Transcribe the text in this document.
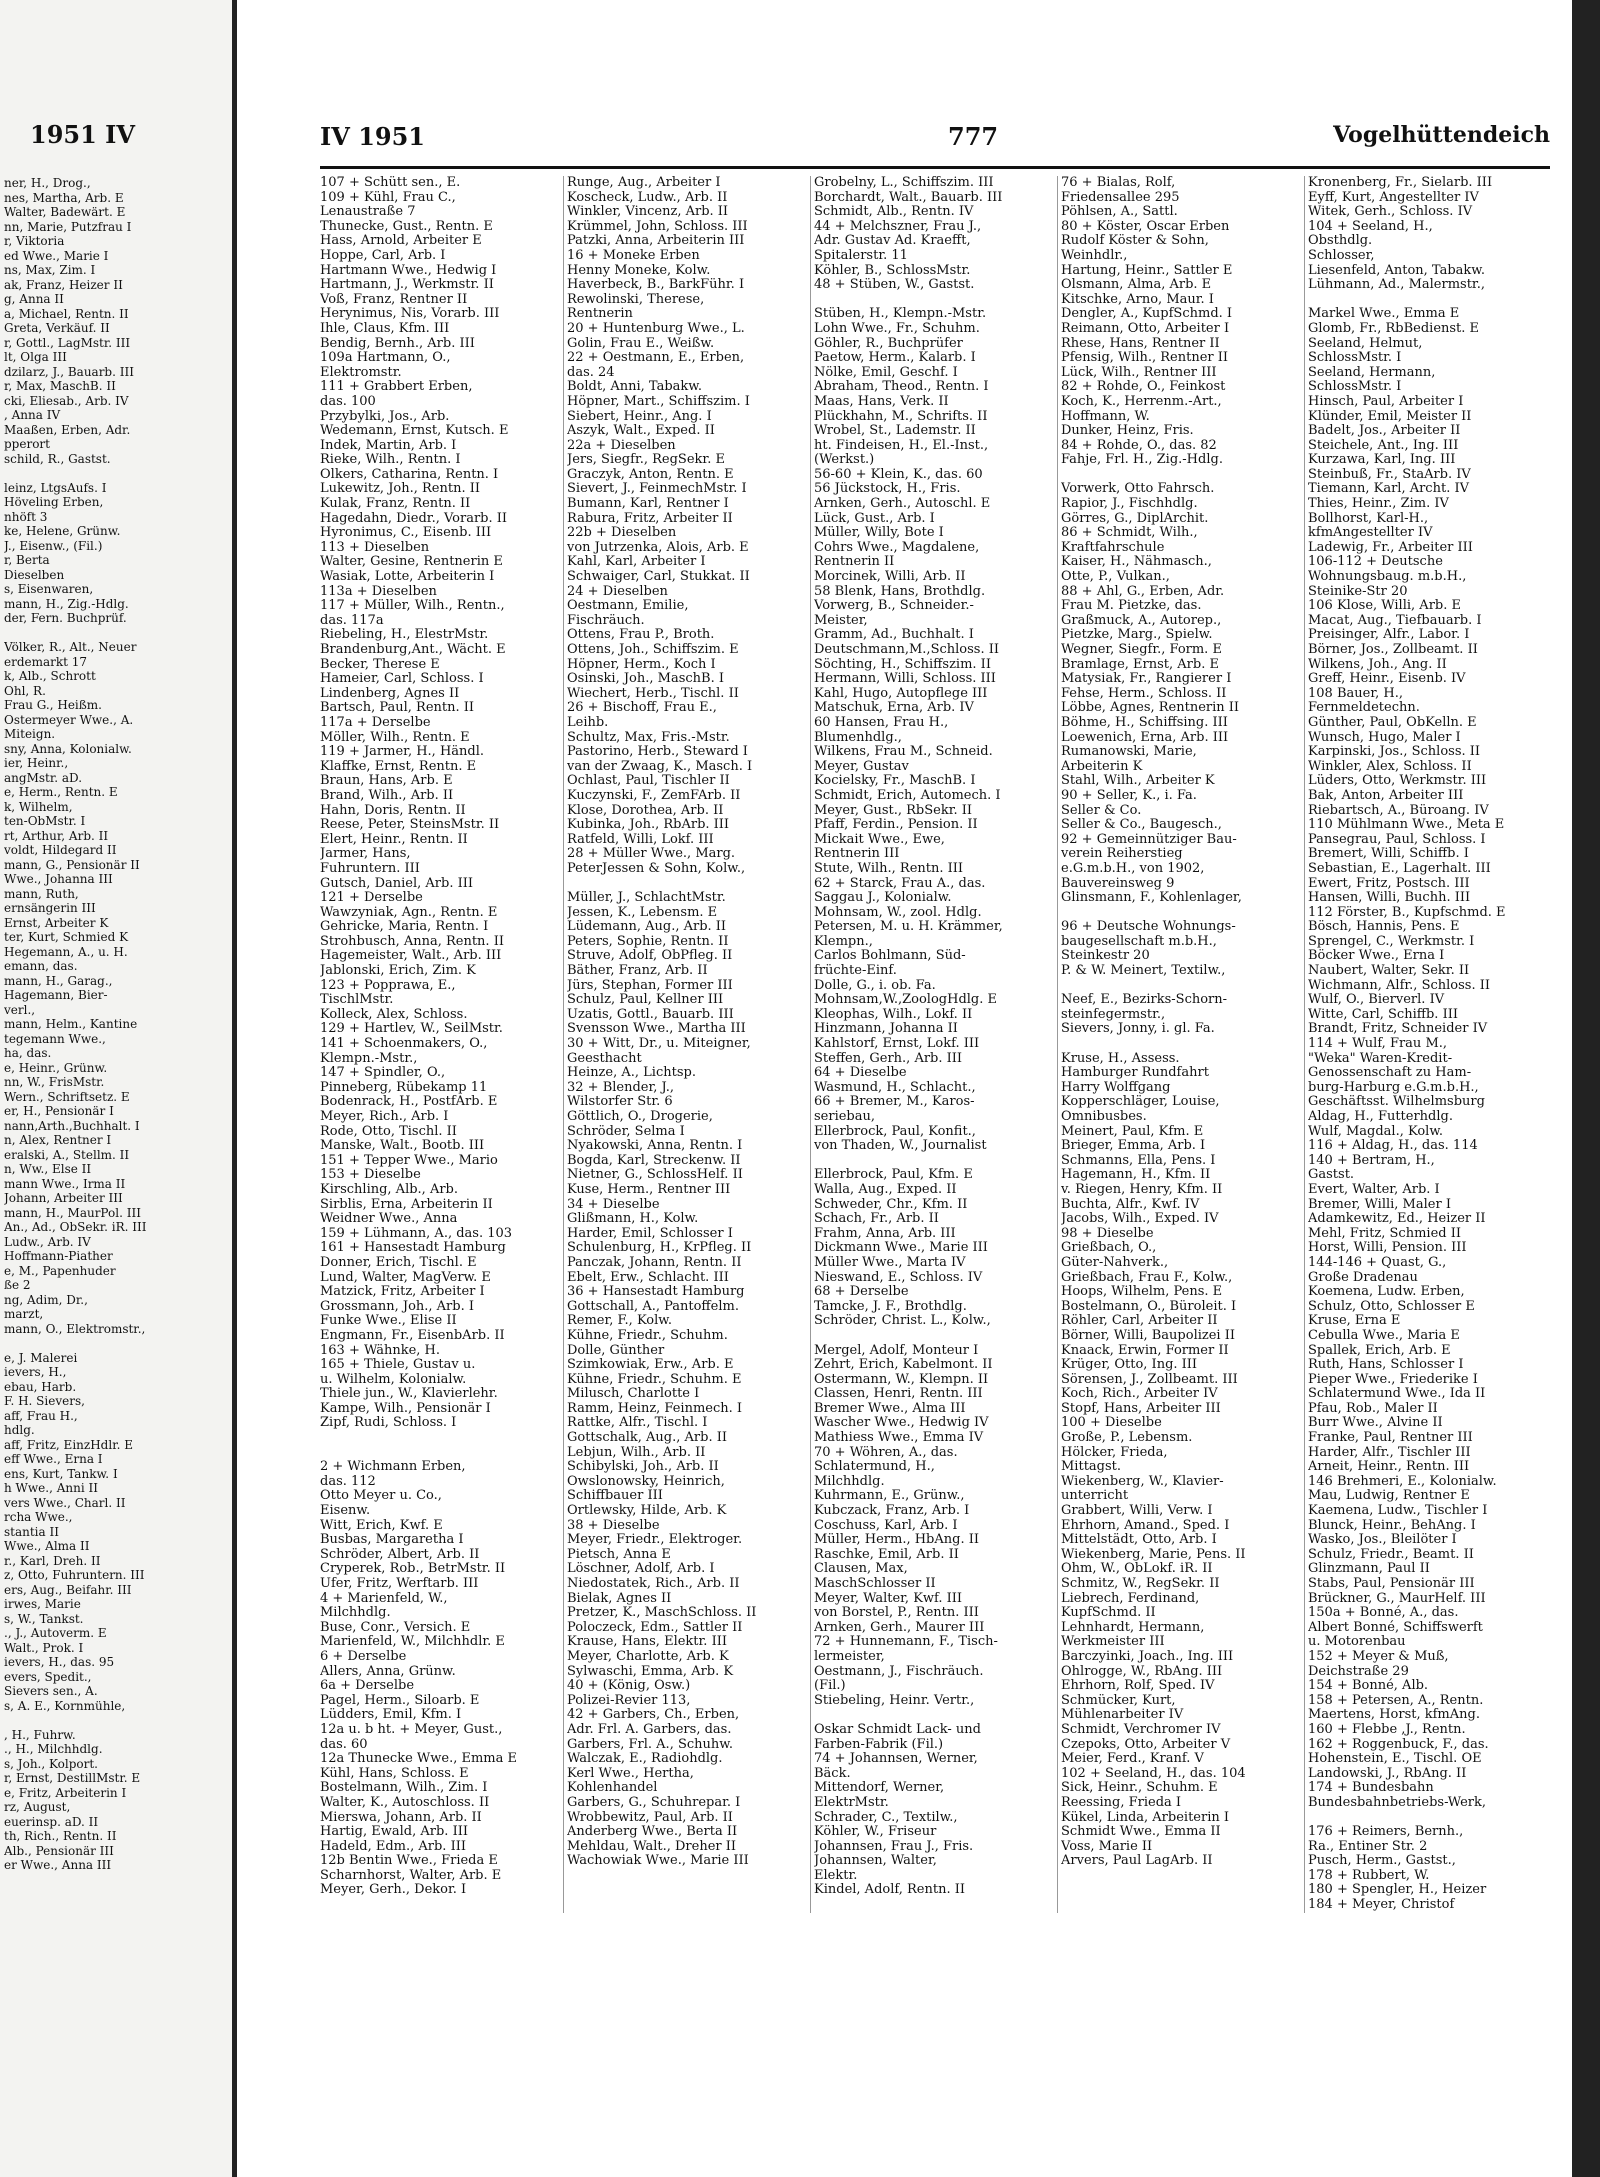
1951 IV
ner, H., Drog.,
nes, Martha, Arb. E
Walter, Badewärt. E
nn, Marie, Putzfrau I
r, Viktoria
ed Wwe., Marie I
ns, Max, Zim. I
ak, Franz, Heizer II
g, Anna II
a, Michael, Rentn. II
Greta, Verkäuf. II
r, Gottl., LagMstr. III
lt, Olga III
dzilarz, J., Bauarb. III
r, Max, MaschB. II
cki, Eliesab., Arb. IV
, Anna IV
Maaßen, Erben, Adr.
pperort
schild, R., Gastst.
leinz, LtgsAufs. I
Höveling Erben,
nhöft 3
ke, Helene, Grünw.
J., Eisenw., (Fil.)
r, Berta
Dieselben
s, Eisenwaren,
mann, H., Zig.-Hdlg.
der, Fern. Buchprüf.
Völker, R., Alt., Neuer
erdemarkt 17
k, Alb., Schrott
Ohl, R.
Frau G., Heißm.
Ostermeyer Wwe., A.
Miteign.
sny, Anna, Kolonialw.
ier, Heinr.,
angMstr. aD.
e, Herm., Rentn. E
k, Wilhelm,
ten-ObMstr. I
rt, Arthur, Arb. II
voldt, Hildegard II
mann, G., Pensionär II
Wwe., Johanna III
mann, Ruth,
ernsängerin III
Ernst, Arbeiter K
ter, Kurt, Schmied K
Hegemann, A., u. H.
emann, das.
mann, H., Garag.,
Hagemann, Bier-
verl.,
mann, Helm., Kantine
tegemann Wwe.,
ha, das.
e, Heinr., Grünw.
nn, W., FrisMstr.
Wern., Schriftsetz. E
er, H., Pensionär I
nann,Arth.,Buchhalt. I
n, Alex, Rentner I
eralski, A., Stellm. II
n, Ww., Else II
mann Wwe., Irma II
Johann, Arbeiter III
mann, H., MaurPol. III
An., Ad., ObSekr. iR. III
Ludw., Arb. IV
Hoffmann-Piather
e, M., Papenhuder
ße 2
ng, Adim, Dr.,
marzt,
mann, O., Elektromstr.,
e, J. Malerei
ievers, H.,
ebau, Harb.
F. H. Sievers,
aff, Frau H.,
hdlg.
aff, Fritz, EinzHdlr. E
eff Wwe., Erna I
ens, Kurt, Tankw. I
h Wwe., Anni II
vers Wwe., Charl. II
rcha Wwe.,
stantia II
Wwe., Alma II
r., Karl, Dreh. II
z, Otto, Fuhruntern. III
ers, Aug., Beifahr. III
irwes, Marie
s, W., Tankst.
., J., Autoverm. E
Walt., Prok. I
ievers, H., das. 95
evers, Spedit.,
Sievers sen., A.
s, A. E., Kornmühle,
, H., Fuhrw.
., H., Milchhdlg.
s, Joh., Kolport.
r, Ernst, DestillMstr. E
e, Fritz, Arbeiterin I
rz, August,
euerinsp. aD. II
th, Rich., Rentn. II
Alb., Pensionär III
er Wwe., Anna III
IV 1951	777	Vogelhüttendeich
107 + Schütt sen., E.
109 + Kühl, Frau C.,
Lenaustraße 7
Thunecke, Gust., Rentn. E
Hass, Arnold, Arbeiter E
Hoppe, Carl, Arb. I
Hartmann Wwe., Hedwig I
Hartmann, J., Werkmstr. II
Voß, Franz, Rentner II
Herynimus, Nis, Vorarb. III
Ihle, Claus, Kfm. III
Bendig, Bernh., Arb. III
109a Hartmann, O.,
Elektromstr.
111 + Grabbert Erben,
das. 100
Przybylki, Jos., Arb.
Wedemann, Ernst, Kutsch. E
Indek, Martin, Arb. I
Rieke, Wilh., Rentn. I
Olkers, Catharina, Rentn. I
Lukewitz, Joh., Rentn. II
Kulak, Franz, Rentn. II
Hagedahn, Diedr., Vorarb. II
Hyronimus, C., Eisenb. III
113 + Dieselben
Walter, Gesine, Rentnerin E
Wasiak, Lotte, Arbeiterin I
113a + Dieselben
117 + Müller, Wilh., Rentn.,
das. 117a
Riebeling, H., ElestrMstr.
Brandenburg,Ant., Wächt. E
Becker, Therese E
Hameier, Carl, Schloss. I
Lindenberg, Agnes II
Bartsch, Paul, Rentn. II
117a + Derselbe
Möller, Wilh., Rentn. E
119 + Jarmer, H., Händl.
Klaffke, Ernst, Rentn. E
Braun, Hans, Arb. E
Brand, Wilh., Arb. II
Hahn, Doris, Rentn. II
Reese, Peter, SteinsMstr. II
Elert, Heinr., Rentn. II
Jarmer, Hans,
Fuhruntern. III
Gutsch, Daniel, Arb. III
121 + Derselbe
Wawzyniak, Agn., Rentn. E
Gehricke, Maria, Rentn. I
Strohbusch, Anna, Rentn. II
Hagemeister, Walt., Arb. III
Jablonski, Erich, Zim. K
123 + Popprawa, E.,
TischlMstr.
Kolleck, Alex, Schloss.
129 + Hartlev, W., SeilMstr.
141 + Schoenmakers, O.,
Klempn.-Mstr.,
147 + Spindler, O.,
Pinneberg, Rübekamp 11
Bodenrack, H., PostfArb. E
Meyer, Rich., Arb. I
Rode, Otto, Tischl. II
Manske, Walt., Bootb. III
151 + Tepper Wwe., Mario
153 + Dieselbe
Kirschling, Alb., Arb.
Sirblis, Erna, Arbeiterin II
Weidner Wwe., Anna
159 + Lühmann, A., das. 103
161 + Hansestadt Hamburg
Donner, Erich, Tischl. E
Lund, Walter, MagVerw. E
Matzick, Fritz, Arbeiter I
Grossmann, Joh., Arb. I
Funke Wwe., Elise II
Engmann, Fr., EisenbArb. II
163 + Wähnke, H.
165 + Thiele, Gustav u.
u. Wilhelm, Kolonialw.
Thiele jun., W., Klavierlehr.
Kampe, Wilh., Pensionär I
Zipf, Rudi, Schloss. I
2 + Wichmann Erben,
das. 112
Otto Meyer u. Co.,
Eisenw.
Witt, Erich, Kwf. E
Busbas, Margaretha I
Schröder, Albert, Arb. II
Cryperek, Rob., BetrMstr. II
Ufer, Fritz, Werftarb. III
4 + Marienfeld, W.,
Milchhdlg.
Buse, Conr., Versich. E
Marienfeld, W., Milchhdlr. E
6 + Derselbe
Allers, Anna, Grünw.
6a + Derselbe
Pagel, Herm., Siloarb. E
Lüdders, Emil, Kfm. I
12a u. b ht. + Meyer, Gust.,
das. 60
12a Thunecke Wwe., Emma E
Kühl, Hans, Schloss. E
Bostelmann, Wilh., Zim. I
Walter, K., Autoschloss. II
Mierswa, Johann, Arb. II
Hartig, Ewald, Arb. III
Hadeld, Edm., Arb. III
12b Bentin Wwe., Frieda E
Scharnhorst, Walter, Arb. E
Meyer, Gerh., Dekor. I
Runge, Aug., Arbeiter I
Koscheck, Ludw., Arb. II
Winkler, Vincenz, Arb. II
Krümmel, John, Schloss. III
Patzki, Anna, Arbeiterin III
16 + Moneke Erben
Henny Moneke, Kolw.
Haverbeck, B., BarkFühr. I
Rewolinski, Therese,
Rentnerin
20 + Huntenburg Wwe., L.
Golin, Frau E., Weißw.
22 + Oestmann, E., Erben,
das. 24
Boldt, Anni, Tabakw.
Höpner, Mart., Schiffszim. I
Siebert, Heinr., Ang. I
Aszyk, Walt., Exped. II
22a + Dieselben
Jers, Siegfr., RegSekr. E
Graczyk, Anton, Rentn. E
Sievert, J., FeinmechMstr. I
Bumann, Karl, Rentner I
Rabura, Fritz, Arbeiter II
22b + Dieselben
von Jutrzenka, Alois, Arb. E
Kahl, Karl, Arbeiter I
Schwaiger, Carl, Stukkat. II
24 + Dieselben
Oestmann, Emilie,
Fischräuch.
Ottens, Frau P., Broth.
Ottens, Joh., Schiffszim. E
Höpner, Herm., Koch I
Osinski, Joh., MaschB. I
Wiechert, Herb., Tischl. II
26 + Bischoff, Frau E.,
Leihb.
Schultz, Max, Fris.-Mstr.
Pastorino, Herb., Steward I
van der Zwaag, K., Masch. I
Ochlast, Paul, Tischler II
Kuczynski, F., ZemFArb. II
Klose, Dorothea, Arb. II
Kubinka, Joh., RbArb. III
Ratfeld, Willi, Lokf. III
28 + Müller Wwe., Marg.
PeterJessen & Sohn, Kolw.,
Müller, J., SchlachtMstr.
Jessen, K., Lebensm. E
Lüdemann, Aug., Arb. II
Peters, Sophie, Rentn. II
Struve, Adolf, ObPfleg. II
Bäther, Franz, Arb. II
Jürs, Stephan, Former III
Schulz, Paul, Kellner III
Uzatis, Gottl., Bauarb. III
Svensson Wwe., Martha III
30 + Witt, Dr., u. Miteigner,
Geesthacht
Heinze, A., Lichtsp.
32 + Blender, J.,
Wilstorfer Str. 6
Göttlich, O., Drogerie,
Schröder, Selma I
Nyakowski, Anna, Rentn. I
Bogda, Karl, Streckenw. II
Nietner, G., SchlossHelf. II
Kuse, Herm., Rentner III
34 + Dieselbe
Glißmann, H., Kolw.
Harder, Emil, Schlosser I
Schulenburg, H., KrPfleg. II
Panczak, Johann, Rentn. II
Ebelt, Erw., Schlacht. III
36 + Hansestadt Hamburg
Gottschall, A., Pantoffelm.
Remer, F., Kolw.
Kühne, Friedr., Schuhm.
Dolle, Günther
Szimkowiak, Erw., Arb. E
Kühne, Friedr., Schuhm. E
Milusch, Charlotte I
Ramm, Heinz, Feinmech. I
Rattke, Alfr., Tischl. I
Gottschalk, Aug., Arb. II
Lebjun, Wilh., Arb. II
Schibylski, Joh., Arb. II
Owslonowsky, Heinrich,
Schiffbauer III
Ortlewsky, Hilde, Arb. K
38 + Dieselbe
Meyer, Friedr., Elektroger.
Pietsch, Anna E
Löschner, Adolf, Arb. I
Niedostatek, Rich., Arb. II
Bielak, Agnes II
Pretzer, K., MaschSchloss. II
Poloczeck, Edm., Sattler II
Krause, Hans, Elektr. III
Meyer, Charlotte, Arb. K
Sylwaschi, Emma, Arb. K
40 + (König, Osw.)
Polizei-Revier 113,
42 + Garbers, Ch., Erben,
Adr. Frl. A. Garbers, das.
Garbers, Frl. A., Schuhw.
Walczak, E., Radiohdlg.
Kerl Wwe., Hertha,
Kohlenhandel
Garbers, G., Schuhrepar. I
Wrobbewitz, Paul, Arb. II
Anderberg Wwe., Berta II
Mehldau, Walt., Dreher II
Wachowiak Wwe., Marie III
Grobelny, L., Schiffszim. III
Borchardt, Walt., Bauarb. III
Schmidt, Alb., Rentn. IV
44 + Melchszner, Frau J.,
Adr. Gustav Ad. Kraefft,
Spitalerstr. 11
Köhler, B., SchlossMstr.
48 + Stüben, W., Gastst.
Stüben, H., Klempn.-Mstr.
Lohn Wwe., Fr., Schuhm.
Göhler, R., Buchprüfer
Paetow, Herm., Kalarb. I
Nölke, Emil, Geschf. I
Abraham, Theod., Rentn. I
Maas, Hans, Verk. II
Plückhahn, M., Schrifts. II
Wrobel, St., Lademstr. II
ht. Findeisen, H., El.-Inst.,
(Werkst.)
56-60 + Klein, K., das. 60
56 Jückstock, H., Fris.
Arnken, Gerh., Autoschl. E
Lück, Gust., Arb. I
Müller, Willy, Bote I
Cohrs Wwe., Magdalene,
Rentnerin II
Morcinek, Willi, Arb. II
58 Blenk, Hans, Brothdlg.
Vorwerg, B., Schneider.-
Meister,
Gramm, Ad., Buchhalt. I
Deutschmann,M.,Schloss. II
Söchting, H., Schiffszim. II
Hermann, Willi, Schloss. III
Kahl, Hugo, Autopflege III
Matschuk, Erna, Arb. IV
60 Hansen, Frau H.,
Blumenhdlg.,
Wilkens, Frau M., Schneid.
Meyer, Gustav
Kocielsky, Fr., MaschB. I
Schmidt, Erich, Automech. I
Meyer, Gust., RbSekr. II
Pfaff, Ferdin., Pension. II
Mickait Wwe., Ewe,
Rentnerin III
Stute, Wilh., Rentn. III
62 + Starck, Frau A., das.
Saggau J., Kolonialw.
Mohnsam, W., zool. Hdlg.
Petersen, M. u. H. Krämmer,
Klempn.,
Carlos Bohlmann, Süd-
früchte-Einf.
Dolle, G., i. ob. Fa.
Mohnsam,W.,ZoologHdlg. E
Kleophas, Wilh., Lokf. II
Hinzmann, Johanna II
Kahlstorf, Ernst, Lokf. III
Steffen, Gerh., Arb. III
64 + Dieselbe
Wasmund, H., Schlacht.,
66 + Bremer, M., Karos-
seriebau,
Ellerbrock, Paul, Konfit.,
von Thaden, W., Journalist
Ellerbrock, Paul, Kfm. E
Walla, Aug., Exped. II
Schweder, Chr., Kfm. II
Schach, Fr., Arb. II
Frahm, Anna, Arb. III
Dickmann Wwe., Marie III
Müller Wwe., Marta IV
Nieswand, E., Schloss. IV
68 + Derselbe
Tamcke, J. F., Brothdlg.
Schröder, Christ. L., Kolw.,
Mergel, Adolf, Monteur I
Zehrt, Erich, Kabelmont. II
Ostermann, W., Klempn. II
Classen, Henri, Rentn. III
Bremer Wwe., Alma III
Wascher Wwe., Hedwig IV
Mathiess Wwe., Emma IV
70 + Wöhren, A., das.
Schlatermund, H.,
Milchhdlg.
Kuhrmann, E., Grünw.,
Kubczack, Franz, Arb. I
Coschuss, Karl, Arb. I
Müller, Herm., HbAng. II
Raschke, Emil, Arb. II
Clausen, Max,
MaschSchlosser II
Meyer, Walter, Kwf. III
von Borstel, P., Rentn. III
Arnken, Gerh., Maurer III
72 + Hunnemann, F., Tisch-
lermeister,
Oestmann, J., Fischräuch.
(Fil.)
Stiebeling, Heinr. Vertr.,
Oskar Schmidt Lack- und
Farben-Fabrik (Fil.)
74 + Johannsen, Werner,
Bäck.
Mittendorf, Werner,
ElektrMstr.
Schrader, C., Textilw.,
Köhler, W., Friseur
Johannsen, Frau J., Fris.
Johannsen, Walter,
Elektr.
Kindel, Adolf, Rentn. II
76 + Bialas, Rolf,
Friedensallee 295
Pöhlsen, A., Sattl.
80 + Köster, Oscar Erben
Rudolf Köster & Sohn,
Weinhdlr.,
Hartung, Heinr., Sattler E
Olsmann, Alma, Arb. E
Kitschke, Arno, Maur. I
Dengler, A., KupfSchmd. I
Reimann, Otto, Arbeiter I
Rhese, Hans, Rentner II
Pfensig, Wilh., Rentner II
Lück, Wilh., Rentner III
82 + Rohde, O., Feinkost
Koch, K., Herrenm.-Art.,
Hoffmann, W.
Dunker, Heinz, Fris.
84 + Rohde, O., das. 82
Fahje, Frl. H., Zig.-Hdlg.
Vorwerk, Otto Fahrsch.
Rapior, J., Fischhdlg.
Görres, G., DiplArchit.
86 + Schmidt, Wilh.,
Kraftfahrschule
Kaiser, H., Nähmasch.,
Otte, P., Vulkan.,
88 + Ahl, G., Erben, Adr.
Frau M. Pietzke, das.
Graßmuck, A., Autorep.,
Pietzke, Marg., Spielw.
Wegner, Siegfr., Form. E
Bramlage, Ernst, Arb. E
Matysiak, Fr., Rangierer I
Fehse, Herm., Schloss. II
Löbbe, Agnes, Rentnerin II
Böhme, H., Schiffsing. III
Loewenich, Erna, Arb. III
Rumanowski, Marie,
Arbeiterin K
Stahl, Wilh., Arbeiter K
90 + Seller, K., i. Fa.
Seller & Co.
Seller & Co., Baugesch.,
92 + Gemeinnütziger Bau-
verein Reiherstieg
e.G.m.b.H., von 1902,
Bauvereinsweg 9
Glinsmann, F., Kohlenlager,
96 + Deutsche Wohnungs-
baugesellschaft m.b.H.,
Steinkestr 20
P. & W. Meinert, Textilw.,
Neef, E., Bezirks-Schorn-
steinfegermstr.,
Sievers, Jonny, i. gl. Fa.
Kruse, H., Assess.
Hamburger Rundfahrt
Harry Wolffgang
Kopperschläger, Louise,
Omnibusbes.
Meinert, Paul, Kfm. E
Brieger, Emma, Arb. I
Schmanns, Ella, Pens. I
Hagemann, H., Kfm. II
v. Riegen, Henry, Kfm. II
Buchta, Alfr., Kwf. IV
Jacobs, Wilh., Exped. IV
98 + Dieselbe
Grießbach, O.,
Güter-Nahverk.,
Grießbach, Frau F., Kolw.,
Hoops, Wilhelm, Pens. E
Bostelmann, O., Büroleit. I
Röhler, Carl, Arbeiter II
Börner, Willi, Baupolizei II
Knaack, Erwin, Former II
Krüger, Otto, Ing. III
Sörensen, J., Zollbeamt. III
Koch, Rich., Arbeiter IV
Stopf, Hans, Arbeiter III
100 + Dieselbe
Große, P., Lebensm.
Hölcker, Frieda,
Mittagst.
Wiekenberg, W., Klavier-
unterricht
Grabbert, Willi, Verw. I
Ehrhorn, Amand., Sped. I
Mittelstädt, Otto, Arb. I
Wiekenberg, Marie, Pens. II
Ohm, W., ObLokf. iR. II
Schmitz, W., RegSekr. II
Liebrech, Ferdinand,
KupfSchmd. II
Lehnhardt, Hermann,
Werkmeister III
Barczyinki, Joach., Ing. III
Ohlrogge, W., RbAng. III
Ehrhorn, Rolf, Sped. IV
Schmücker, Kurt,
Mühlenarbeiter IV
Schmidt, Verchromer IV
Czepoks, Otto, Arbeiter V
Meier, Ferd., Kranf. V
102 + Seeland, H., das. 104
Sick, Heinr., Schuhm. E
Reessing, Frieda I
Kükel, Linda, Arbeiterin I
Schmidt Wwe., Emma II
Voss, Marie II
Arvers, Paul LagArb. II
Kronenberg, Fr., Sielarb. III
Eyff, Kurt, Angestellter IV
Witek, Gerh., Schloss. IV
104 + Seeland, H.,
Obsthdlg.
Schlosser,
Liesenfeld, Anton, Tabakw.
Lühmann, Ad., Malermstr.,
Markel Wwe., Emma E
Glomb, Fr., RbBedienst. E
Seeland, Helmut,
SchlossMstr. I
Seeland, Hermann,
SchlossMstr. I
Hinsch, Paul, Arbeiter I
Klünder, Emil, Meister II
Badelt, Jos., Arbeiter II
Steichele, Ant., Ing. III
Kurzawa, Karl, Ing. III
Steinbuß, Fr., StaArb. IV
Tiemann, Karl, Archt. IV
Thies, Heinr., Zim. IV
Bollhorst, Karl-H.,
kfmAngestellter IV
Ladewig, Fr., Arbeiter III
106-112 + Deutsche
Wohnungsbaug. m.b.H.,
Steinike-Str 20
106 Klose, Willi, Arb. E
Macat, Aug., Tiefbauarb. I
Preisinger, Alfr., Labor. I
Börner, Jos., Zollbeamt. II
Wilkens, Joh., Ang. II
Greff, Heinr., Eisenb. IV
108 Bauer, H.,
Fernmeldetechn.
Günther, Paul, ObKelln. E
Wunsch, Hugo, Maler I
Karpinski, Jos., Schloss. II
Winkler, Alex, Schloss. II
Lüders, Otto, Werkmstr. III
Bak, Anton, Arbeiter III
Riebartsch, A., Büroang. IV
110 Mühlmann Wwe., Meta E
Pansegrau, Paul, Schloss. I
Bremert, Willi, Schiffb. I
Sebastian, E., Lagerhalt. III
Ewert, Fritz, Postsch. III
Hansen, Willi, Buchh. III
112 Förster, B., Kupfschmd. E
Bösch, Hannis, Pens. E
Sprengel, C., Werkmstr. I
Böcker Wwe., Erna I
Naubert, Walter, Sekr. II
Wichmann, Alfr., Schloss. II
Wulf, O., Bierverl. IV
Witte, Carl, Schiffb. III
Brandt, Fritz, Schneider IV
114 + Wulf, Frau M.,
"Weka" Waren-Kredit-
Genossenschaft zu Ham-
burg-Harburg e.G.m.b.H.,
Geschäftsst. Wilhelmsburg
Aldag, H., Futterhdlg.
Wulf, Magdal., Kolw.
116 + Aldag, H., das. 114
140 + Bertram, H.,
Gastst.
Evert, Walter, Arb. I
Bremer, Willi, Maler I
Adamkewitz, Ed., Heizer II
Mehl, Fritz, Schmied II
Horst, Willi, Pension. III
144-146 + Quast, G.,
Große Dradenau
Koemena, Ludw. Erben,
Schulz, Otto, Schlosser E
Kruse, Erna E
Cebulla Wwe., Maria E
Spallek, Erich, Arb. E
Ruth, Hans, Schlosser I
Pieper Wwe., Friederike I
Schlatermund Wwe., Ida II
Pfau, Rob., Maler II
Burr Wwe., Alvine II
Franke, Paul, Rentner III
Harder, Alfr., Tischler III
Arneit, Heinr., Rentn. III
146 Brehmeri, E., Kolonialw.
Mau, Ludwig, Rentner E
Kaemena, Ludw., Tischler I
Blunck, Heinr., BehAng. I
Wasko, Jos., Bleilöter I
Schulz, Friedr., Beamt. II
Glinzmann, Paul II
Stabs, Paul, Pensionär III
Brückner, G., MaurHelf. III
150a + Bonné, A., das.
Albert Bonné, Schiffswerft
u. Motorenbau
152 + Meyer & Muß,
Deichstraße 29
154 + Bonné, Alb.
158 + Petersen, A., Rentn.
Maertens, Horst, kfmAng.
160 + Flebbe ,J., Rentn.
162 + Roggenbuck, F., das.
Hohenstein, E., Tischl. OE
Landowski, J., RbAng. II
174 + Bundesbahn
Bundesbahnbetriebs-Werk,
176 + Reimers, Bernh.,
Ra., Entiner Str. 2
Pusch, Herm., Gastst.,
178 + Rubbert, W.
180 + Spengler, H., Heizer
184 + Meyer, Christof
